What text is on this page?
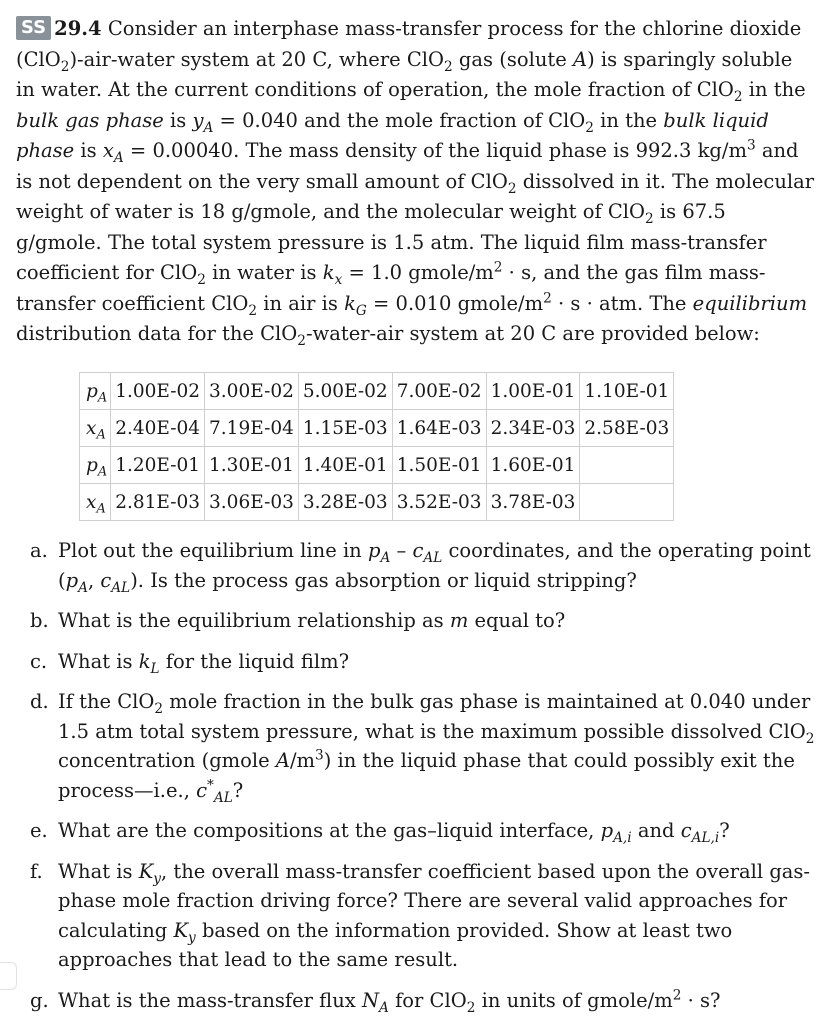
SS 29.4 Consider an interphase mass-transfer process for the chlorine dioxide (ClO$_2$)-air-water system at 20 C, where ClO$_2$ gas (solute A) is sparingly soluble in water. At the current conditions of operation, the mole fraction of ClO$_2$ in the bulk gas phase is $y_A = 0.040$ and the mole fraction of ClO$_2$ in the bulk liquid phase is $x_A = 0.00040$. The mass density of the liquid phase is 992.3 $kg/m^3$ and is not dependent on the very small amount of ClO$_2$ dissolved in it. The molecular weight of water is 18 g/gmole, and the molecular weight of ClO$_2$ is 67.5 g/gmole. The total system pressure is 1.5 atm. The liquid film mass-transfer coefficient for ClO$_2$ in water is $k_x = 1.0$ gmole/$m^2 \cdot s$, and the gas film mass-transfer coefficient ClO$_2$ in air is $k_G = 0.010$ gmole/$m^2 \cdot s$ · atm. The equilibrium distribution data for the ClO$_2$-water-air system at 20 C are provided below:
$p_A$	1.00E-02	3.00E-02	5.00E-02	7.00E-02	1.00E-01	1.10E-01
$x_A$	2.40E-04	7.19E-04	1.15E-03	1.64E-03	2.34E-03	2.58E-03
$p_A$	1.20E-01	1.30E-01	1.40E-01	1.50E-01	1.60E-01	
$x_A$	2.81E-03	3.06E-03	3.28E-03	3.52E-03	3.78E-03	
a. Plot out the equilibrium line in $p_A - c_{AL}$ coordinates, and the operating point ($p_A$, $c_{AL}$). Is the process gas absorption or liquid stripping?
b. What is the equilibrium relationship as m equal to?
c. What is $k_L$ for the liquid film?
d. If the ClO$_2$ mole fraction in the bulk gas phase is maintained at 0.040 under 1.5 atm total system pressure, what is the maximum possible dissolved ClO$_2$ concentration (gmole $A/m^3$) in the liquid phase that could possibly exit the process—i.e., $c^*_{AL}$?
e. What are the compositions at the gas–liquid interface, $p_{A,i}$ and $c_{AL,i}$?
f. What is $K_y$, the overall mass-transfer coefficient based upon the overall gas-phase mole fraction driving force? There are several valid approaches for calculating $K_y$ based on the information provided. Show at least two approaches that lead to the same result.
g. What is the mass-transfer flux $N_A$ for ClO$_2$ in units of gmole/$m^2 \cdot s$?
